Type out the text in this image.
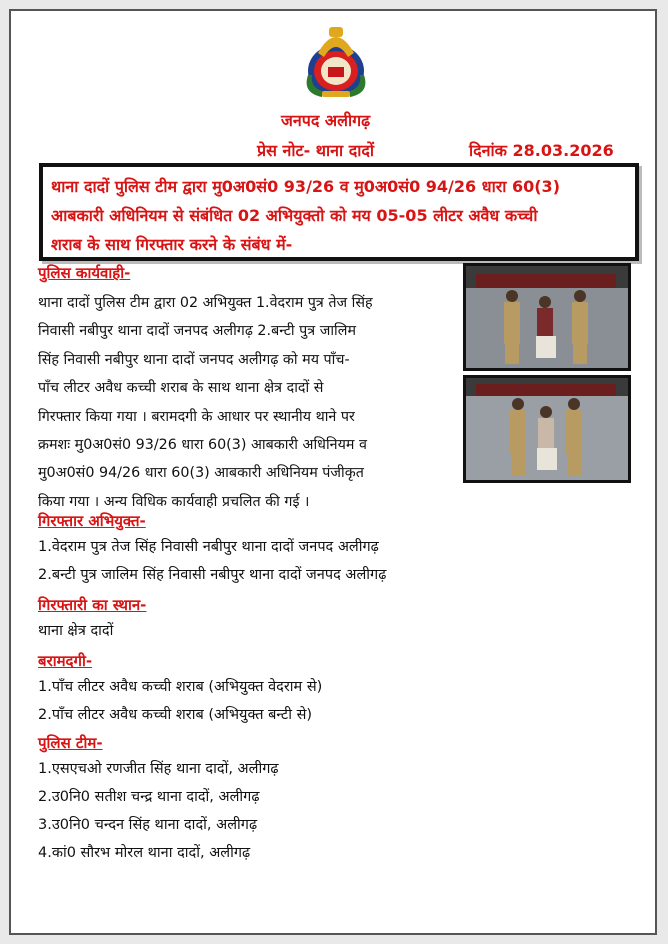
जनपद अलीगढ़
प्रेस नोट- थाना दादों	दिनांक 28.03.2026
थाना दादों पुलिस टीम द्वारा मु0अ0सं0 93/26 व मु0अ0सं0 94/26 धारा 60(3)
आबकारी अधिनियम से संबंधित 02 अभियुक्तो को मय 05-05 लीटर अवैध कच्ची
शराब के साथ गिरफ्तार करने के संबंध में-
पुलिस कार्यवाही-
थाना दादों पुलिस टीम द्वारा 02 अभियुक्त 1.वेदराम पुत्र तेज सिंह
निवासी नबीपुर थाना दादों जनपद अलीगढ़ 2.बन्टी पुत्र जालिम
सिंह निवासी नबीपुर थाना दादों जनपद अलीगढ़ को मय पाँच-
पाँच लीटर अवैध कच्ची शराब के साथ थाना क्षेत्र दादों से
गिरफ्तार किया गया । बरामदगी के आधार पर स्थानीय थाने पर
क्रमशः मु0अ0सं0 93/26 धारा 60(3) आबकारी अधिनियम व
मु0अ0सं0 94/26 धारा 60(3) आबकारी अधिनियम पंजीकृत
किया गया । अन्य विधिक कार्यवाही प्रचलित की गई ।
गिरफ्तार अभियुक्त-
1.वेदराम पुत्र तेज सिंह निवासी नबीपुर थाना दादों जनपद अलीगढ़
2.बन्टी पुत्र जालिम सिंह निवासी नबीपुर थाना दादों जनपद अलीगढ़
गिरफ्तारी का स्थान-
थाना क्षेत्र दादों
बरामदगी-
1.पाँच लीटर अवैध कच्ची शराब (अभियुक्त वेदराम से)
2.पाँच लीटर अवैध कच्ची शराब (अभियुक्त बन्टी से)
पुलिस टीम-
1.एसएचओ रणजीत सिंह थाना दादों, अलीगढ़
2.उ0नि0 सतीश चन्द्र थाना दादों, अलीगढ़
3.उ0नि0 चन्दन सिंह थाना दादों, अलीगढ़
4.कां0 सौरभ मोरल थाना दादों, अलीगढ़
